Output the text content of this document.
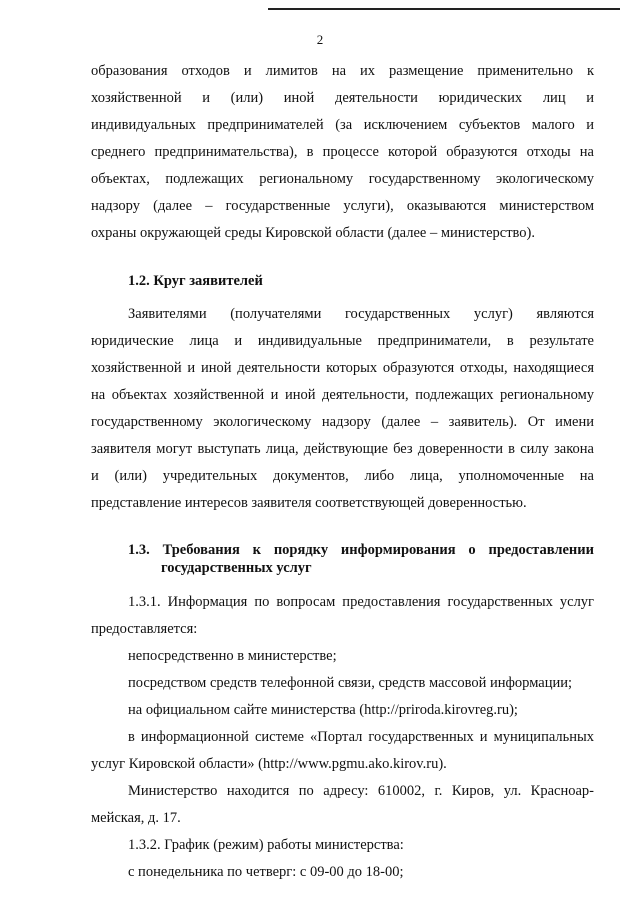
2
образования отходов и лимитов на их размещение применительно к
хозяйственной и (или) иной деятельности юридических лиц и
индивидуальных предпринимателей (за исключением субъектов малого и
среднего предпринимательства), в процессе которой образуются отходы на
объектах, подлежащих региональному государственному экологическому
надзору (далее – государственные услуги), оказываются министерством
охраны окружающей среды Кировской области (далее – министерство).
1.2. Круг заявителей
Заявителями (получателями государственных услуг) являются
юридические лица и индивидуальные предприниматели, в результате
хозяйственной и иной деятельности которых образуются отходы, находящиеся
на объектах хозяйственной и иной деятельности, подлежащих региональному
государственному экологическому надзору (далее – заявитель). От имени
заявителя могут выступать лица, действующие без доверенности в силу закона
и (или) учредительных документов, либо лица, уполномоченные на
представление интересов заявителя соответствующей доверенностью.
1.3. Требования к порядку информирования о предоставлении
государственных услуг
1.3.1. Информация по вопросам предоставления государственных услуг
предоставляется:
непосредственно в министерстве;
посредством средств телефонной связи, средств массовой информации;
на официальном сайте министерства (http://priroda.kirovreg.ru);
в информационной системе «Портал государственных и муниципальных
услуг Кировской области» (http://www.pgmu.ako.kirov.ru).
Министерство находится по адресу: 610002, г. Киров, ул. Красноар-
мейская, д. 17.
1.3.2. График (режим) работы министерства:
с понедельника по четверг: с 09-00 до 18-00;
